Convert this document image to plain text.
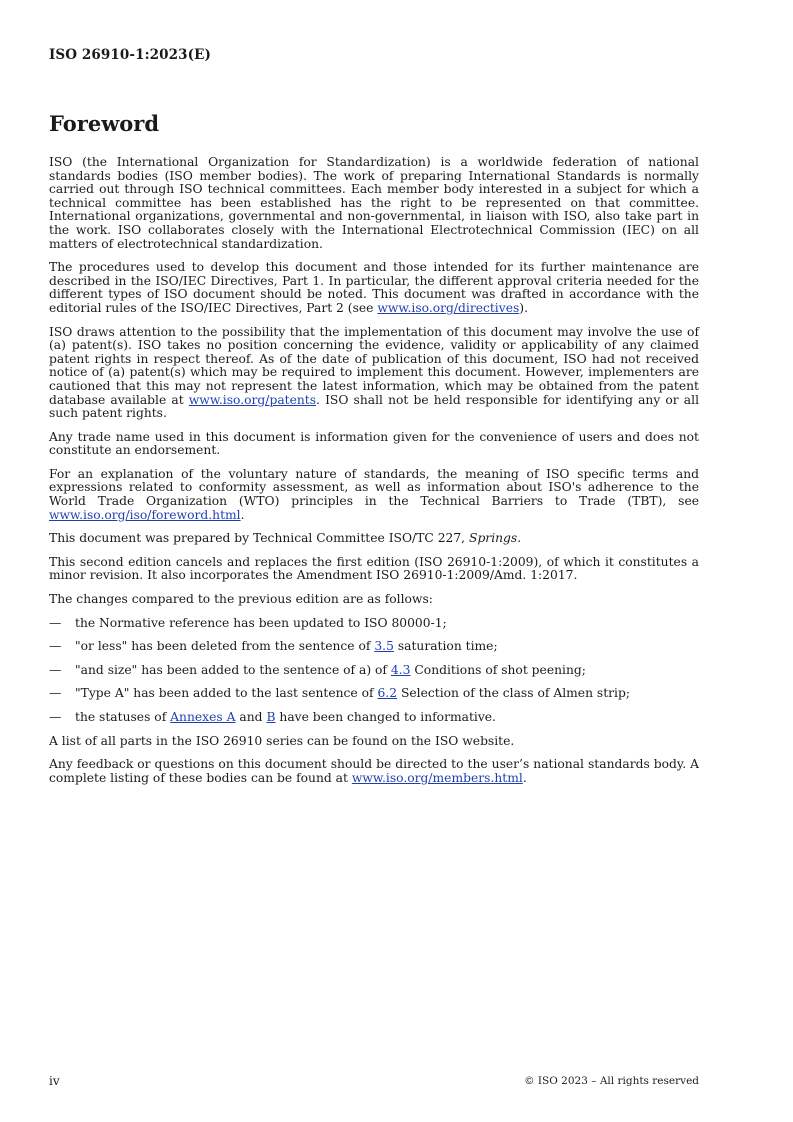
ISO 26910-1:2023(E)
Foreword

ISO (the International Organization for Standardization) is a worldwide federation of national standards bodies (ISO member bodies). The work of preparing International Standards is normally carried out through ISO technical committees. Each member body interested in a subject for which a technical committee has been established has the right to be represented on that committee. International organizations, governmental and non-governmental, in liaison with ISO, also take part in the work. ISO collaborates closely with the International Electrotechnical Commission (IEC) on all matters of electrotechnical standardization.

The procedures used to develop this document and those intended for its further maintenance are described in the ISO/IEC Directives, Part 1. In particular, the different approval criteria needed for the different types of ISO document should be noted. This document was drafted in accordance with the editorial rules of the ISO/IEC Directives, Part 2 (see www.iso.org/directives).

ISO draws attention to the possibility that the implementation of this document may involve the use of (a) patent(s). ISO takes no position concerning the evidence, validity or applicability of any claimed patent rights in respect thereof. As of the date of publication of this document, ISO had not received notice of (a) patent(s) which may be required to implement this document. However, implementers are cautioned that this may not represent the latest information, which may be obtained from the patent database available at www.iso.org/patents. ISO shall not be held responsible for identifying any or all such patent rights.

Any trade name used in this document is information given for the convenience of users and does not constitute an endorsement.

For an explanation of the voluntary nature of standards, the meaning of ISO specific terms and expressions related to conformity assessment, as well as information about ISO's adherence to the World Trade Organization (WTO) principles in the Technical Barriers to Trade (TBT), see www.iso.org/iso/foreword.html.

This document was prepared by Technical Committee ISO/TC 227, Springs.

This second edition cancels and replaces the first edition (ISO 26910-1:2009), of which it constitutes a minor revision. It also incorporates the Amendment ISO 26910-1:2009/Amd. 1:2017.

The changes compared to the previous edition are as follows:

—	the Normative reference has been updated to ISO 80000-1;
—	"or less" has been deleted from the sentence of 3.5 saturation time;
—	"and size" has been added to the sentence of a) of 4.3 Conditions of shot peening;
—	"Type A" has been added to the last sentence of 6.2 Selection of the class of Almen strip;
—	the statuses of Annexes A and B have been changed to informative.

A list of all parts in the ISO 26910 series can be found on the ISO website.

Any feedback or questions on this document should be directed to the user’s national standards body. A complete listing of these bodies can be found at www.iso.org/members.html.

iv	© ISO 2023 – All rights reserved
